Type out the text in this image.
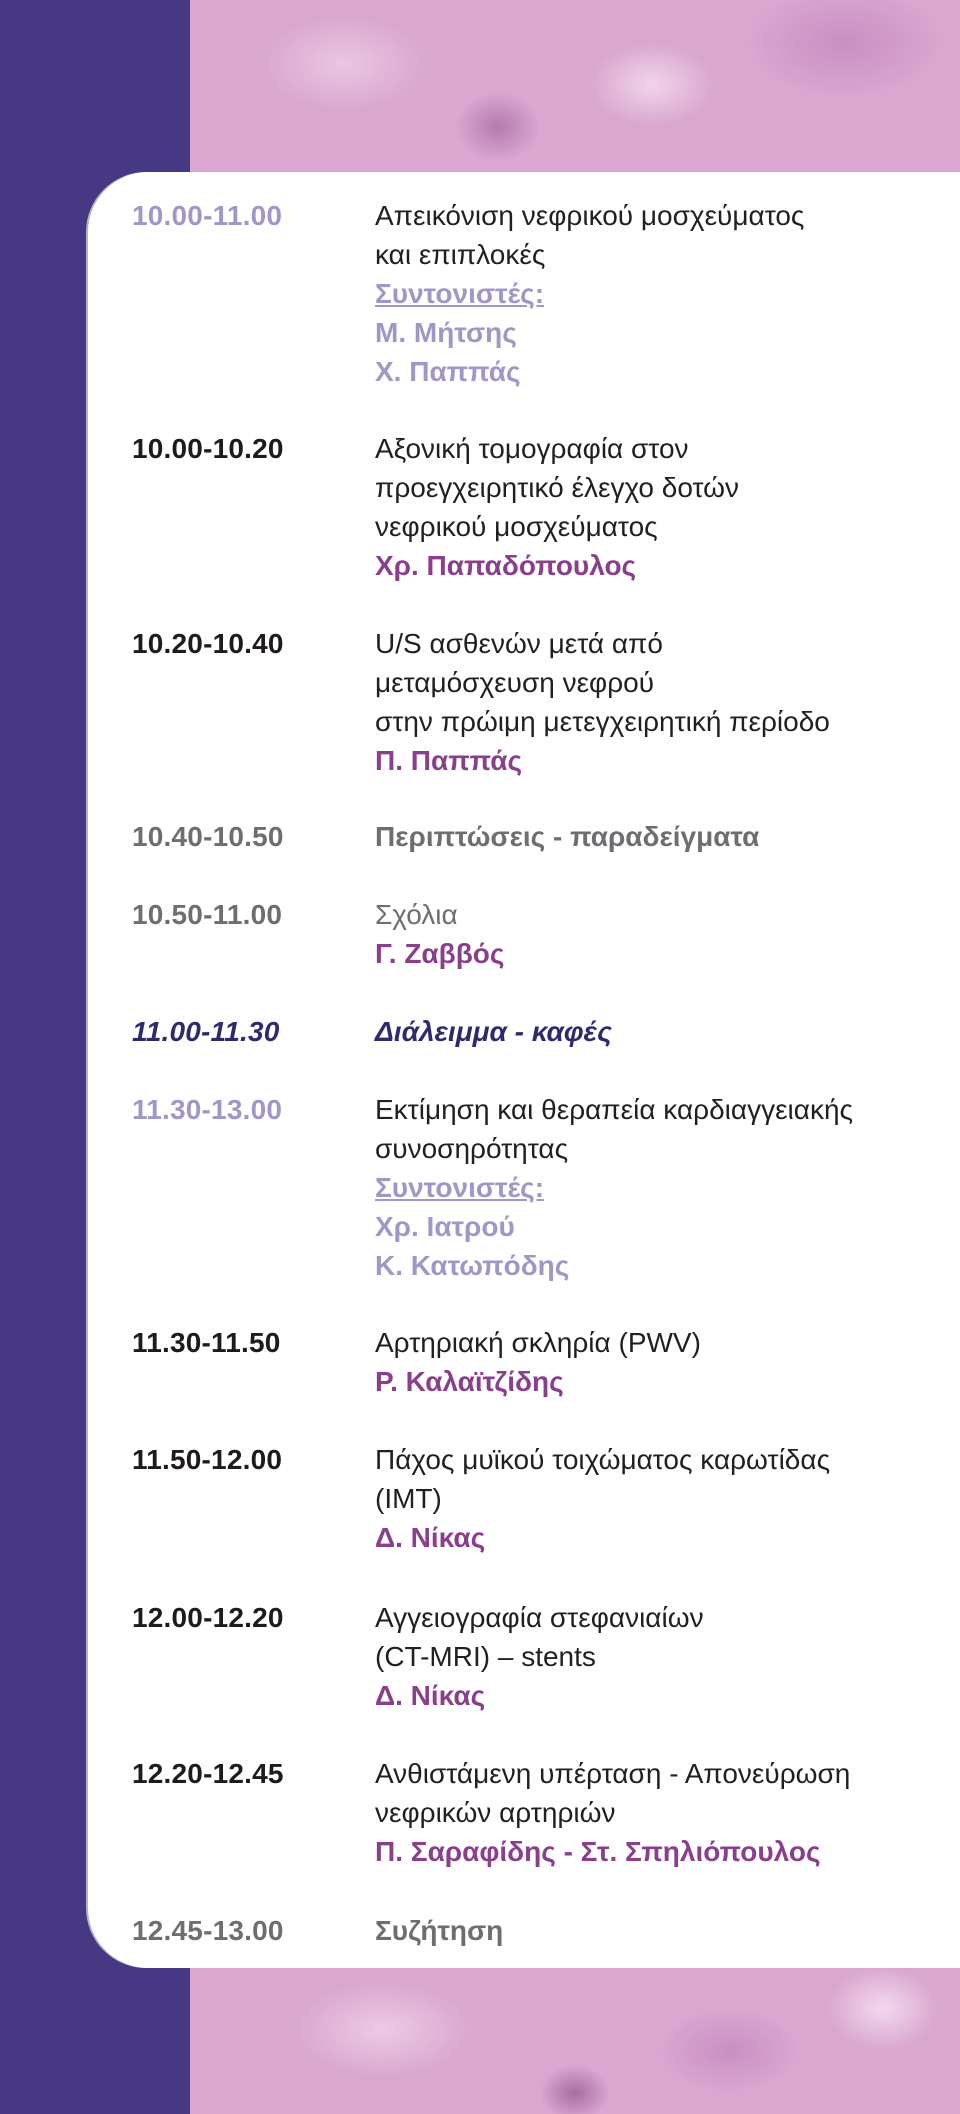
10.00-11.00	Απεικόνιση νεφρικού μοσχεύματος
και επιπλοκές
Συντονιστές:
Μ. Μήτσης
Χ. Παππάς
10.00-10.20	Αξονική τομογραφία στον
προεγχειρητικό έλεγχο δοτών
νεφρικού μοσχεύματος
Χρ. Παπαδόπουλος
10.20-10.40	U/S ασθενών μετά από
μεταμόσχευση νεφρού
στην πρώιμη μετεγχειρητική περίοδο
Π. Παππάς
10.40-10.50	Περιπτώσεις - παραδείγματα
10.50-11.00	Σχόλια
Γ. Ζαββός
11.00-11.30	Διάλειμμα - καφές
11.30-13.00	Εκτίμηση και θεραπεία καρδιαγγειακής
συνοσηρότητας
Συντονιστές:
Χρ. Ιατρού
Κ. Κατωπόδης
11.30-11.50	Αρτηριακή σκληρία (PWV)
Ρ. Καλαϊτζίδης
11.50-12.00	Πάχος μυϊκού τοιχώματος καρωτίδας
(IMT)
Δ. Νίκας
12.00-12.20	Αγγειογραφία στεφανιαίων
(CT-MRI) – stents
Δ. Νίκας
12.20-12.45	Ανθιστάμενη υπέρταση - Απονεύρωση
νεφρικών αρτηριών
Π. Σαραφίδης - Στ. Σπηλιόπουλος
12.45-13.00	Συζήτηση
